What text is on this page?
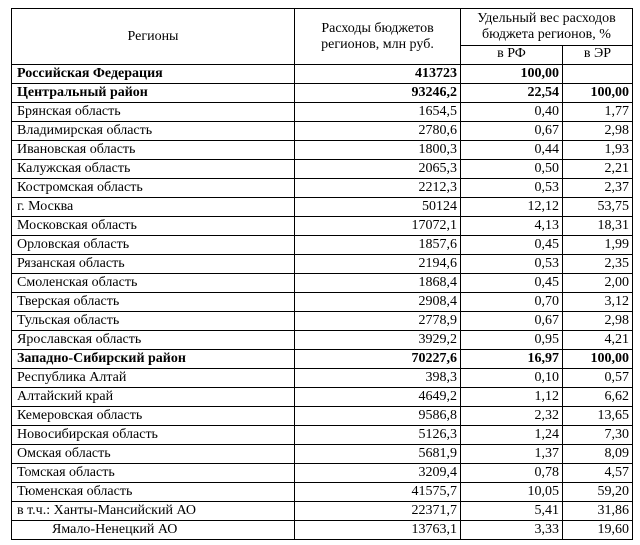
Регионы	Расходы бюджетов регионов, млн руб.	Удельный вес расходов бюджета регионов, %	
		в РФ	в ЭР
Российская Федерация	413723	100,00	
Центральный район	93246,2	22,54	100,00
Брянская область	1654,5	0,40	1,77
Владимирская область	2780,6	0,67	2,98
Ивановская область	1800,3	0,44	1,93
Калужская область	2065,3	0,50	2,21
Костромская область	2212,3	0,53	2,37
г. Москва	50124	12,12	53,75
Московская область	17072,1	4,13	18,31
Орловская область	1857,6	0,45	1,99
Рязанская область	2194,6	0,53	2,35
Смоленская область	1868,4	0,45	2,00
Тверская область	2908,4	0,70	3,12
Тульская область	2778,9	0,67	2,98
Ярославская область	3929,2	0,95	4,21
Западно-Сибирский район	70227,6	16,97	100,00
Республика Алтай	398,3	0,10	0,57
Алтайский край	4649,2	1,12	6,62
Кемеровская область	9586,8	2,32	13,65
Новосибирская область	5126,3	1,24	7,30
Омская область	5681,9	1,37	8,09
Томская область	3209,4	0,78	4,57
Тюменская область	41575,7	10,05	59,20
в т.ч.: Ханты-Мансийский АО	22371,7	5,41	31,86
Ямало-Ненецкий АО	13763,1	3,33	19,60
